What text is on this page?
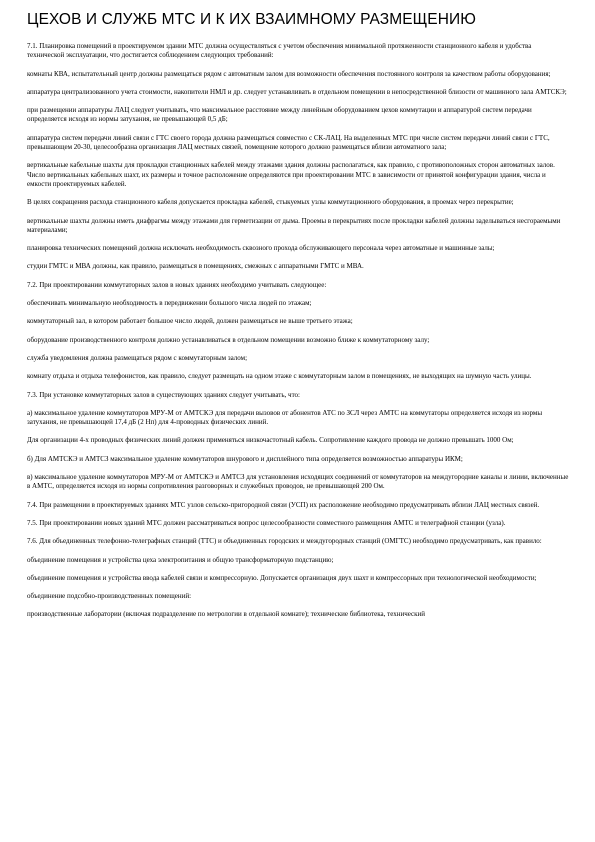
ЦЕХОВ И СЛУЖБ МТС И К ИХ ВЗАИМНОМУ РАЗМЕЩЕНИЮ

7.1. Планировка помещений в проектируемом здании МТС должна осуществляться с учетом обеспечения минимальной протяженности станционного кабеля и удобства технической эксплуатации, что достигается соблюдением следующих требований:

комнаты КВА, испытательный центр должны размещаться рядом с автоматным залом для возможности обеспечения постоянного контроля за качеством работы оборудования;

аппаратура централизованного учета стоимости, накопители НМЛ и др. следует устанавливать в отдельном помещении в непосредственной близости от машинного зала АМТСКЭ;

при размещении аппаратуры ЛАЦ следует учитывать, что максимальное расстояние между линейным оборудованием цехов коммутации и аппаратурой систем передачи определяется исходя из нормы затухания, не превышающей 0,5 дБ;

аппаратура систем передачи линий связи с ГТС своего города должна размещаться совместно с СК-ЛАЦ. На выделенных МТС при числе систем передачи линий связи с ГТС, превышающем 20-30, целесообразна организация ЛАЦ местных связей, помещение которого должно размещаться вблизи автоматного зала;

вертикальные кабельные шахты для прокладки станционных кабелей между этажами здания должны располагаться, как правило, с противоположных сторон автоматных залов. Число вертикальных кабельных шахт, их размеры и точное расположение определяются при проектировании МТС в зависимости от принятой конфигурации здания, числа и емкости проектируемых кабелей.

В целях сокращения расхода станционного кабеля допускается прокладка кабелей, стыкуемых узлы коммутационного оборудования, в проемах через перекрытие;

вертикальные шахты должны иметь диафрагмы между этажами для герметизации от дыма. Проемы в перекрытиях после прокладки кабелей должны заделываться несгораемыми материалами;

планировка технических помещений должна исключать необходимость сквозного прохода обслуживающего персонала через автоматные и машинные залы;

студии ГМТС и МВА должны, как правило, размещаться в помещениях, смежных с аппаратными ГМТС и МВА.

7.2. При проектировании коммутаторных залов в новых зданиях необходимо учитывать следующее:

обеспечивать минимальную необходимость в передвижении большого числа людей по этажам;

коммутаторный зал, в котором работает большое число людей, должен размещаться не выше третьего этажа;

оборудование производственного контроля должно устанавливаться в отдельном помещении возможно ближе к коммутаторному залу;

служба уведомления должна размещаться рядом с коммутаторным залом;

комнату отдыха и отдыха телефонистов, как правило, следует размещать на одном этаже с коммутаторным залом в помещениях, не выходящих на шумную часть улицы.

7.3. При установке коммутаторных залов в существующих зданиях следует учитывать, что:

а) максимальное удаление коммутаторов МРУ-М от АМТСКЭ для передачи вызовов от абонентов АТС по ЗСЛ через АМТС на коммутаторы определяется исходя из нормы затухания, не превышающей 17,4 дБ (2 Нп) для 4-проводных физических линий.

Для организации 4-х проводных физических линий должен применяться низкочастотный кабель. Сопротивление каждого провода не должно превышать 1000 Ом;

б) Для АМТСКЭ и АМТСЗ максимальное удаление коммутаторов шнурового и дисплейного типа определяется возможностью аппаратуры ИКМ;

в) максимальное удаление коммутаторов МРУ-М от АМТСКЭ и АМТСЗ для установления исходящих соединений от коммутаторов на междугородние каналы и линии, включенные в АМТС, определяется исходя из нормы сопротивления разговорных и служебных проводов, не превышающей 200 Ом.

7.4. При размещении в проектируемых зданиях МТС узлов сельско-пригородной связи (УСП) их расположение необходимо предусматривать вблизи ЛАЦ местных связей.

7.5. При проектировании новых зданий МТС должен рассматриваться вопрос целесообразности совместного размещения АМТС и телеграфной станции (узла).

7.6. Для объединенных телефонно-телеграфных станций (ТТС) и объединенных городских и междугородных станций (ОМГТС) необходимо предусматривать, как правило:

объединение помещения и устройства цеха электропитания и общую трансформаторную подстанцию;

объединение помещения и устройства ввода кабелей связи и компрессорную. Допускается организация двух шахт и компрессорных при технологической необходимости;

объединение подсобно-производственных помещений:

производственные лаборатории (включая подразделение по метрологии в отдельной комнате); технические библиотека, технический
